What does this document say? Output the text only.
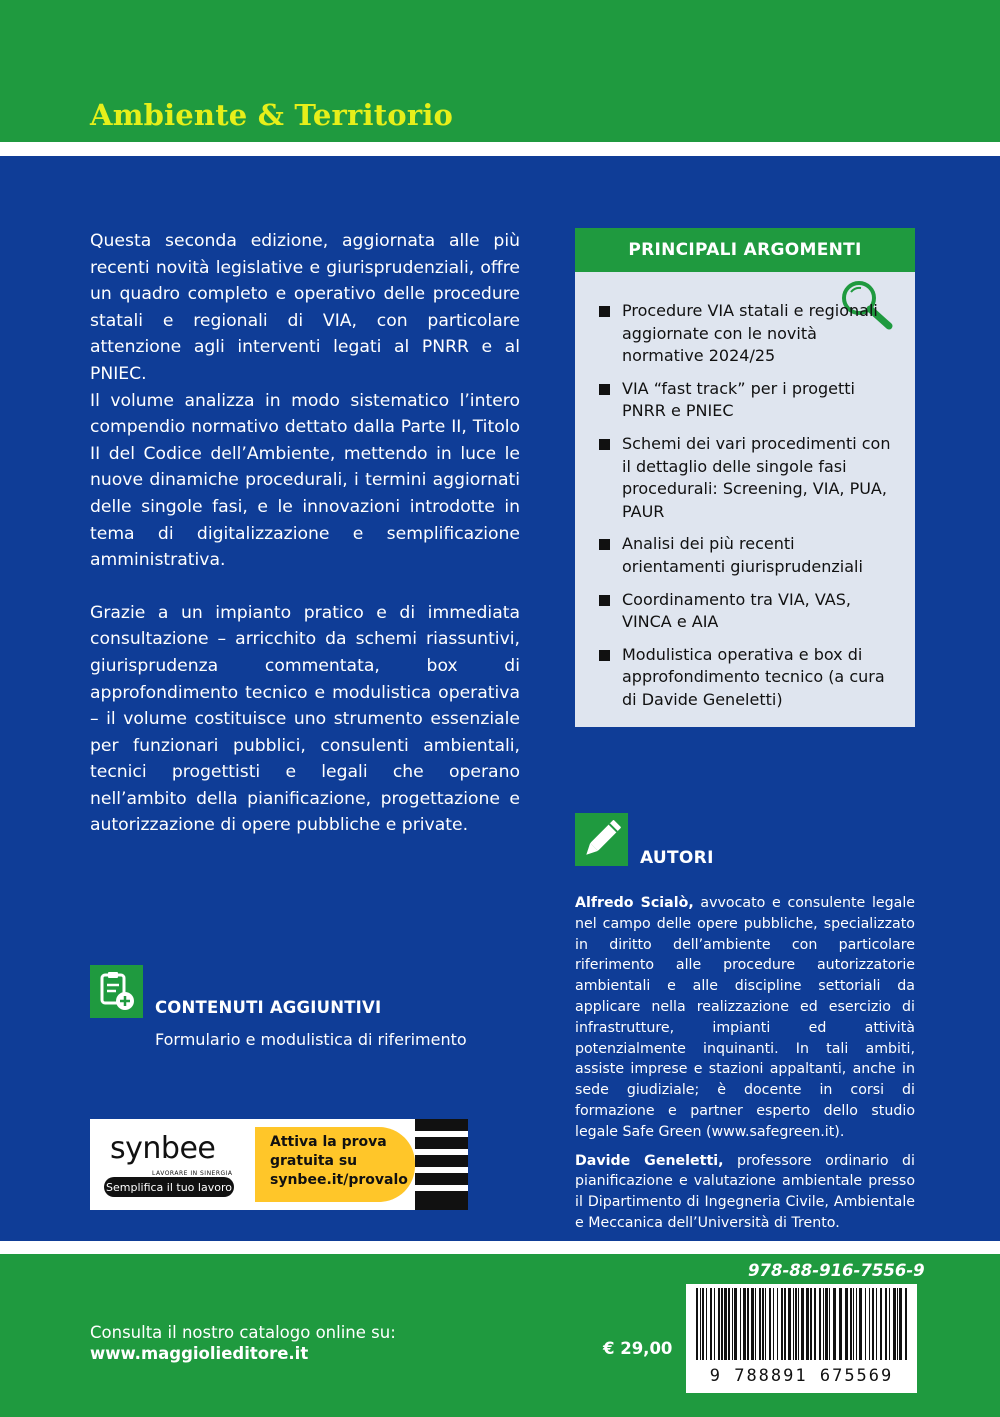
Ambiente & Territorio

Questa seconda edizione, aggiornata alle più recenti novità legislative e giurisprudenziali, offre un quadro completo e operativo delle procedure statali e regionali di VIA, con particolare attenzione agli interventi legati al PNRR e al PNIEC.

Il volume analizza in modo sistematico l’intero compendio normativo dettato dalla Parte II, Titolo II del Codice dell’Ambiente, mettendo in luce le nuove dinamiche procedurali, i termini aggiornati delle singole fasi, e le innovazioni introdotte in tema di digitalizzazione e semplificazione amministrativa.

Grazie a un impianto pratico e di immediata consultazione – arricchito da schemi riassuntivi, giurisprudenza commentata, box di approfondimento tecnico e modulistica operativa – il volume costituisce uno strumento essenziale per funzionari pubblici, consulenti ambientali, tecnici progettisti e legali che operano nell’ambito della pianificazione, progettazione e autorizzazione di opere pubbliche e private.

PRINCIPALI ARGOMENTI
Procedure VIA statali e regionali aggiornate con le novità normative 2024/25
VIA “fast track” per i progetti PNRR e PNIEC
Schemi dei vari procedimenti con il dettaglio delle singole fasi procedurali: Screening, VIA, PUA, PAUR
Analisi dei più recenti orientamenti giurisprudenziali
Coordinamento tra VIA, VAS, VINCA e AIA
Modulistica operativa e box di approfondimento tecnico (a cura di Davide Geneletti)
AUTORI

Alfredo Scialò, avvocato e consulente legale nel campo delle opere pubbliche, specializzato in diritto dell’ambiente con particolare riferimento alle procedure autorizzatorie ambientali e alle discipline settoriali da applicare nella realizzazione ed esercizio di infrastrutture, impianti ed attività potenzialmente inquinanti. In tali ambiti, assiste imprese e stazioni appaltanti, anche in sede giudiziale; è docente in corsi di formazione e partner esperto dello studio legale Safe Green (www.safegreen.it).

Davide Geneletti, professore ordinario di pianificazione e valutazione ambientale presso il Dipartimento di Ingegneria Civile, Ambientale e Meccanica dell’Università di Trento.

CONTENUTI AGGIUNTIVI
Formulario e modulistica di riferimento
synbee
LAVORARE IN SINERGIA
Semplifica il tuo lavoro
Attiva la prova
gratuita su
synbee.it/provalo
978-88-916-7556-9
9 788891 675569
€ 29,00
Consulta il nostro catalogo online su:
www.maggiolieditore.it
